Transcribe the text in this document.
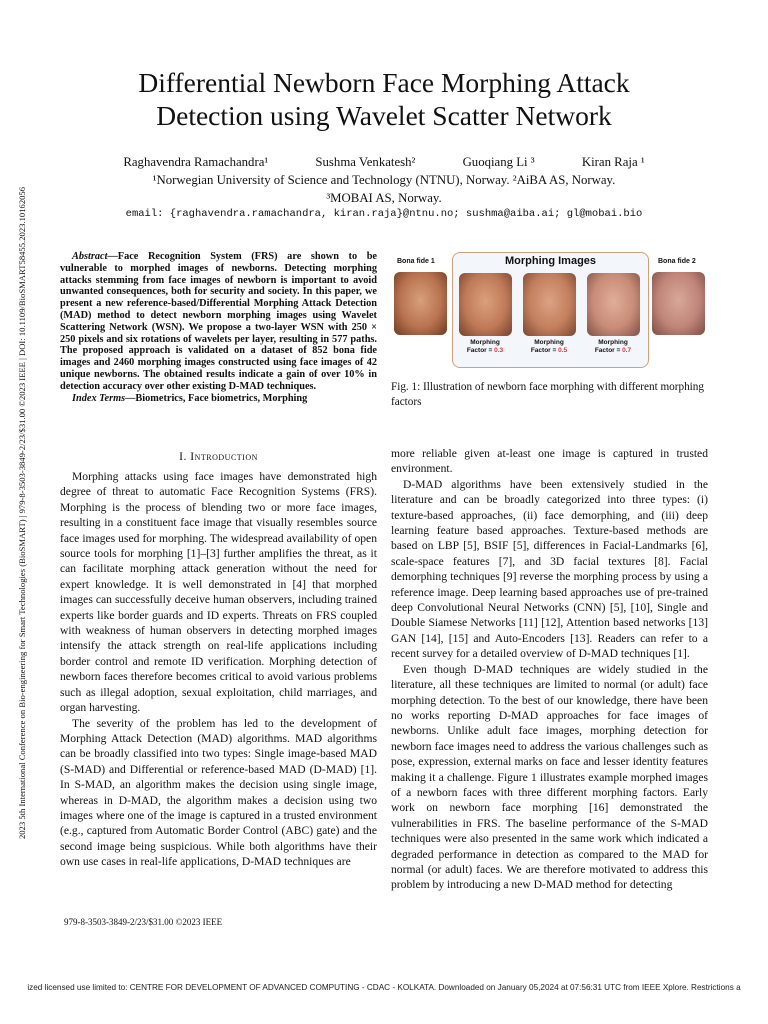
2023 5th International Conference on Bio-engineering for Smart Technologies (BioSMART) | 979-8-3503-3849-2/23/$31.00 ©2023 IEEE | DOI: 10.1109/BioSMART58455.2023.10162056
Differential Newborn Face Morphing Attack
Detection using Wavelet Scatter Network
Raghavendra Ramachandra¹	Sushma Venkatesh²	Guoqiang Li ³	Kiran Raja ¹
¹Norwegian University of Science and Technology (NTNU), Norway. ²AiBA AS, Norway.
³MOBAI AS, Norway.
email: {raghavendra.ramachandra, kiran.raja}@ntnu.no; sushma@aiba.ai; gl@mobai.bio

Abstract—Face Recognition System (FRS) are shown to be vulnerable to morphed images of newborns. Detecting morphing attacks stemming from face images of newborn is important to avoid unwanted consequences, both for security and society. In this paper, we present a new reference-based/Differential Morphing Attack Detection (MAD) method to detect newborn morphing images using Wavelet Scattering Network (WSN). We propose a two-layer WSN with 250 × 250 pixels and six rotations of wavelets per layer, resulting in 577 paths. The proposed approach is validated on a dataset of 852 bona fide images and 2460 morphing images constructed using face images of 42 unique newborns. The obtained results indicate a gain of over 10% in detection accuracy over other existing D-MAD techniques.

Index Terms—Biometrics, Face biometrics, Morphing

I. Introduction

Morphing attacks using face images have demonstrated high degree of threat to automatic Face Recognition Systems (FRS). Morphing is the process of blending two or more face images, resulting in a constituent face image that visually resembles source face images used for morphing. The widespread availability of open source tools for morphing [1]–[3] further amplifies the threat, as it can facilitate morphing attack generation without the need for expert knowledge. It is well demonstrated in [4] that morphed images can successfully deceive human observers, including trained experts like border guards and ID experts. Threats on FRS coupled with weakness of human observers in detecting morphed images intensify the attack strength on real-life applications including border control and remote ID verification. Morphing detection of newborn faces therefore becomes critical to avoid various problems such as illegal adoption, sexual exploitation, child marriages, and organ harvesting.

The severity of the problem has led to the development of Morphing Attack Detection (MAD) algorithms. MAD algorithms can be broadly classified into two types: Single image-based MAD (S-MAD) and Differential or reference-based MAD (D-MAD) [1]. In S-MAD, an algorithm makes the decision using single image, whereas in D-MAD, the algorithm makes a decision using two images where one of the image is captured in a trusted environment (e.g., captured from Automatic Border Control (ABC) gate) and the second image being suspicious. While both algorithms have their own use cases in real-life applications, D-MAD techniques are

979-8-3503-3849-2/23/$31.00 ©2023 IEEE
Bona fide 1	Morphing Images
Morphing
Factor = 0.3
Morphing
Factor = 0.5
Morphing
Factor = 0.7
Bona fide 2
Fig. 1: Illustration of newborn face morphing with different morphing factors

more reliable given at-least one image is captured in trusted environment.

D-MAD algorithms have been extensively studied in the literature and can be broadly categorized into three types: (i) texture-based approaches, (ii) face demorphing, and (iii) deep learning feature based approaches. Texture-based methods are based on LBP [5], BSIF [5], differences in Facial-Landmarks [6], scale-space features [7], and 3D facial textures [8]. Facial demorphing techniques [9] reverse the morphing process by using a reference image. Deep learning based approaches use of pre-trained deep Convolutional Neural Networks (CNN) [5], [10], Single and Double Siamese Networks [11] [12], Attention based networks [13] GAN [14], [15] and Auto-Encoders [13]. Readers can refer to a recent survey for a detailed overview of D-MAD techniques [1].

Even though D-MAD techniques are widely studied in the literature, all these techniques are limited to normal (or adult) face morphing detection. To the best of our knowledge, there have been no works reporting D-MAD approaches for face images of newborns. Unlike adult face images, morphing detection for newborn face images need to address the various challenges such as pose, expression, external marks on face and lesser identity features making it a challenge. Figure 1 illustrates example morphed images of a newborn faces with three different morphing factors. Early work on newborn face morphing [16] demonstrated the vulnerabilities in FRS. The baseline performance of the S-MAD techniques were also presented in the same work which indicated a degraded performance in detection as compared to the MAD for normal (or adult) faces. We are therefore motivated to address this problem by introducing a new D-MAD method for detecting

ized licensed use limited to: CENTRE FOR DEVELOPMENT OF ADVANCED COMPUTING - CDAC - KOLKATA. Downloaded on January 05,2024 at 07:56:31 UTC from IEEE Xplore. Restrictions a
